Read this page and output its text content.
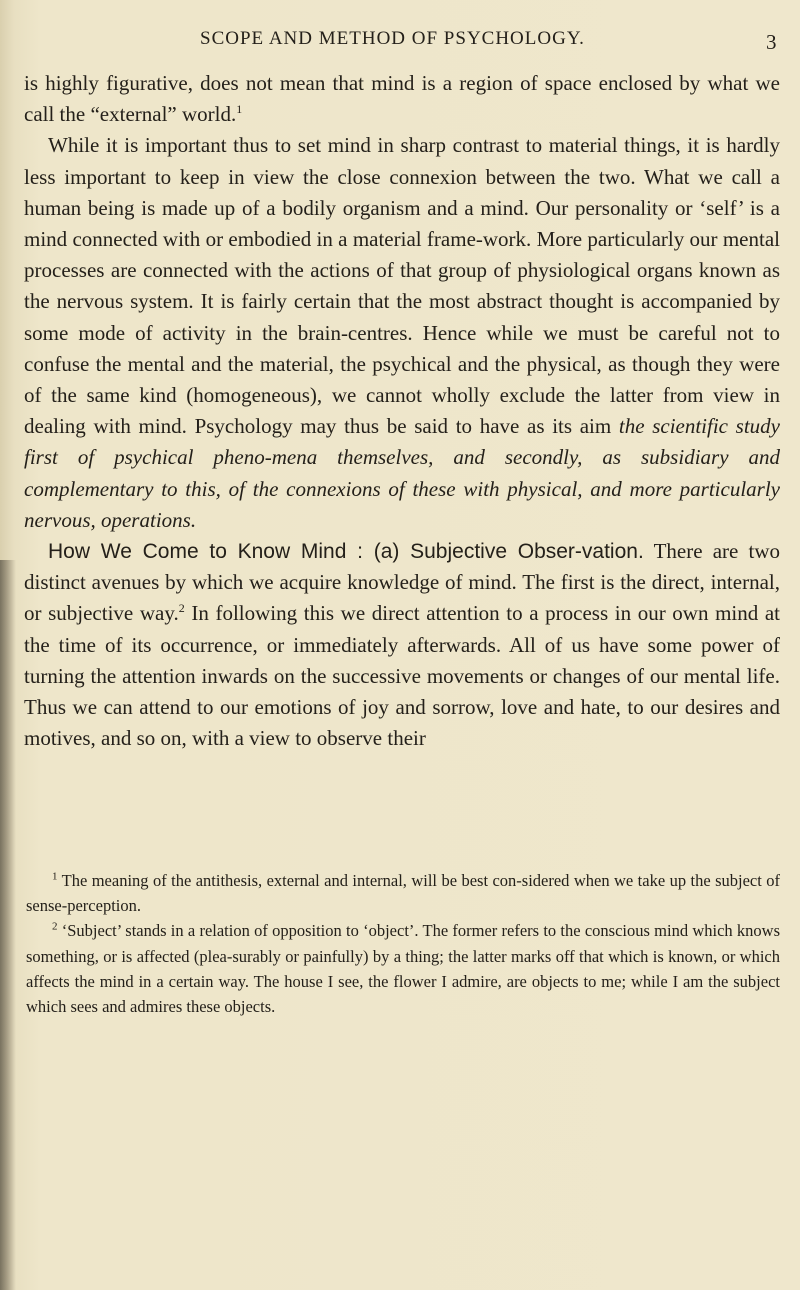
SCOPE AND METHOD OF PSYCHOLOGY.	3

is highly figurative, does not mean that mind is a region of space enclosed by what we call the “external” world.$^1$

While it is important thus to set mind in sharp contrast to material things, it is hardly less important to keep in view the close connexion between the two. What we call a human being is made up of a bodily organism and a mind. Our personality or ‘self’ is a mind connected with or embodied in a material frame-work. More particularly our mental processes are connected with the actions of that group of physiological organs known as the nervous system. It is fairly certain that the most abstract thought is accompanied by some mode of activity in the brain-centres. Hence while we must be careful not to confuse the mental and the material, the psychical and the physical, as though they were of the same kind (homogeneous), we cannot wholly exclude the latter from view in dealing with mind. Psychology may thus be said to have as its aim the scientific study first of psychical pheno-mena themselves, and secondly, as subsidiary and complementary to this, of the connexions of these with physical, and more particularly nervous, operations.

How We Come to Know Mind : (a) Subjective Obser-vation. There are two distinct avenues by which we acquire knowledge of mind. The first is the direct, internal, or subjective way.$^2$ In following this we direct attention to a process in our own mind at the time of its occurrence, or immediately afterwards. All of us have some power of turning the attention inwards on the successive movements or changes of our mental life. Thus we can attend to our emotions of joy and sorrow, love and hate, to our desires and motives, and so on, with a view to observe their

$^1$ The meaning of the antithesis, external and internal, will be best con-sidered when we take up the subject of sense-perception.

$^2$ ‘Subject’ stands in a relation of opposition to ‘object’. The former refers to the conscious mind which knows something, or is affected (plea-surably or painfully) by a thing; the latter marks off that which is known, or which affects the mind in a certain way. The house I see, the flower I admire, are objects to me; while I am the subject which sees and admires these objects.
